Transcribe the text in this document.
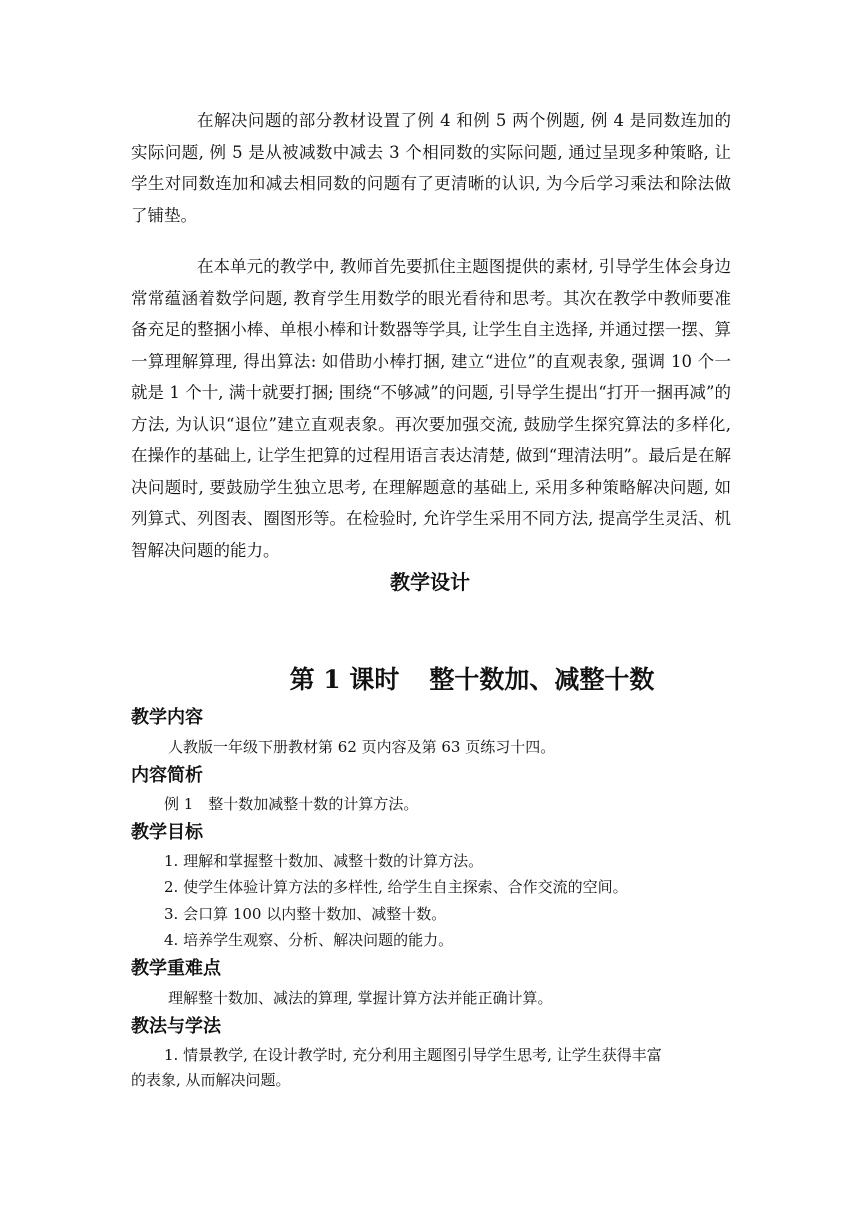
在解决问题的部分教材设置了例 4 和例 5 两个例题, 例 4 是同数连加的实际问题, 例 5 是从被减数中减去 3 个相同数的实际问题, 通过呈现多种策略, 让学生对同数连加和减去相同数的问题有了更清晰的认识, 为今后学习乘法和除法做了铺垫。

在本单元的教学中, 教师首先要抓住主题图提供的素材, 引导学生体会身边常常蕴涵着数学问题, 教育学生用数学的眼光看待和思考。其次在教学中教师要准备充足的整捆小棒、单根小棒和计数器等学具, 让学生自主选择, 并通过摆一摆、算一算理解算理, 得出算法: 如借助小棒打捆, 建立“进位”的直观表象, 强调 10 个一就是 1 个十, 满十就要打捆; 围绕“不够减”的问题, 引导学生提出“打开一捆再减”的方法, 为认识“退位”建立直观表象。再次要加强交流, 鼓励学生探究算法的多样化, 在操作的基础上, 让学生把算的过程用语言表达清楚, 做到“理清法明”。最后是在解决问题时, 要鼓励学生独立思考, 在理解题意的基础上, 采用多种策略解决问题, 如列算式、列图表、圈图形等。在检验时, 允许学生采用不同方法, 提高学生灵活、机智解决问题的能力。

教学设计
第 1 课时 整十数加、减整十数
教学内容

人教版一年级下册教材第 62 页内容及第 63 页练习十四。

内容简析

例 1　整十数加减整十数的计算方法。

教学目标

1. 理解和掌握整十数加、减整十数的计算方法。

2. 使学生体验计算方法的多样性, 给学生自主探索、合作交流的空间。

3. 会口算 100 以内整十数加、减整十数。

4. 培养学生观察、分析、解决问题的能力。

教学重难点

理解整十数加、减法的算理, 掌握计算方法并能正确计算。

教法与学法

1. 情景教学, 在设计教学时, 充分利用主题图引导学生思考, 让学生获得丰富

的表象, 从而解决问题。
